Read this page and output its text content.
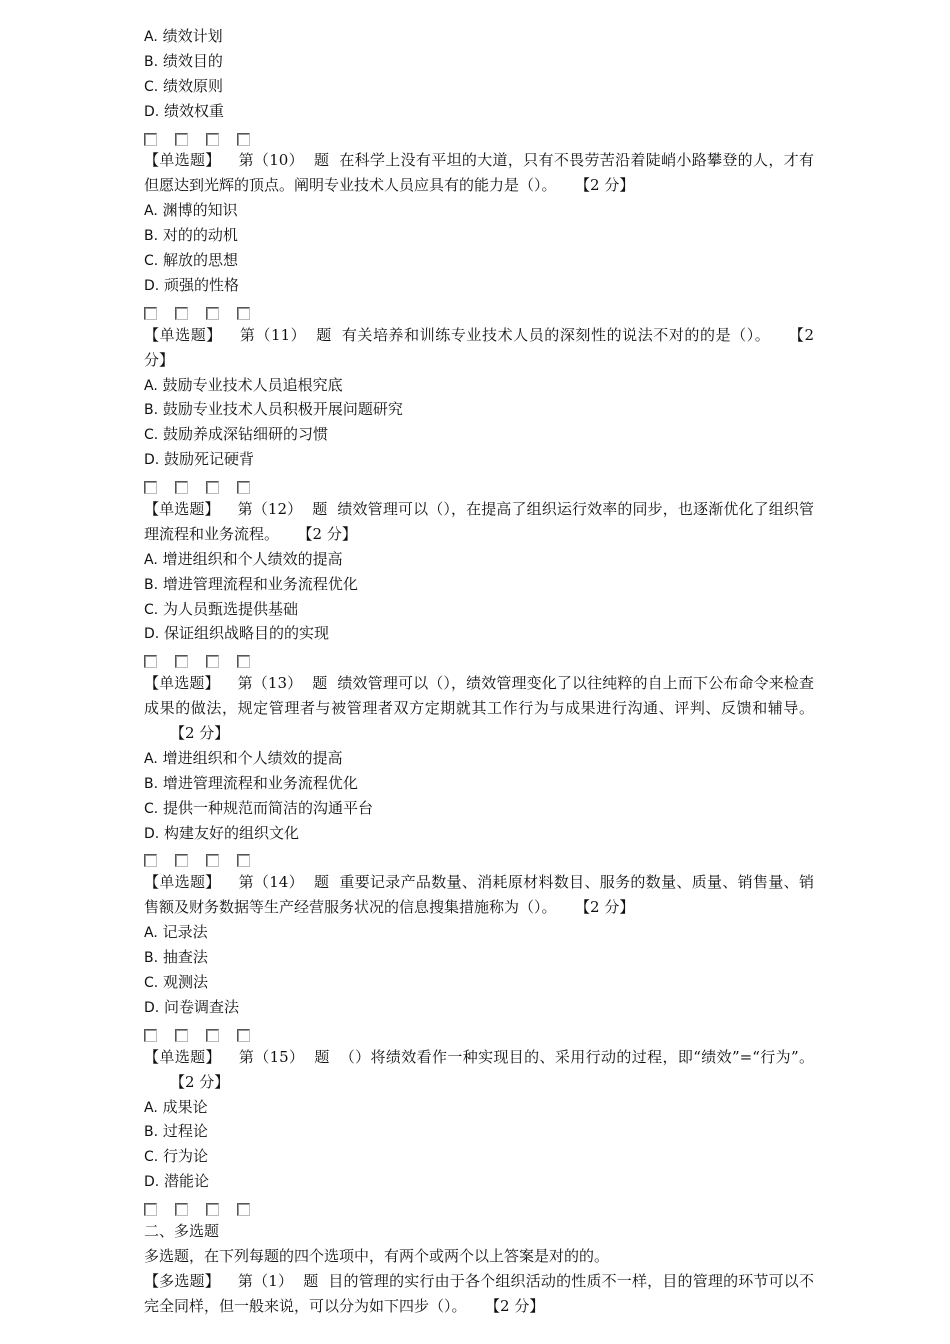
A. 绩效计划
B. 绩效目的
C. 绩效原则
D. 绩效权重
【单选题】 第（10） 题 在科学上没有平坦的大道，只有不畏劳苦沿着陡峭小路攀登的人，才有但愿达到光辉的顶点。阐明专业技术人员应具有的能力是（）。 【2 分】
A. 渊博的知识
B. 对的的动机
C. 解放的思想
D. 顽强的性格
【单选题】 第（11） 题 有关培养和训练专业技术人员的深刻性的说法不对的的是（）。 【2 分】
A. 鼓励专业技术人员追根究底
B. 鼓励专业技术人员积极开展问题研究
C. 鼓励养成深钻细研的习惯
D. 鼓励死记硬背
【单选题】 第（12） 题 绩效管理可以（），在提高了组织运行效率的同步，也逐渐优化了组织管理流程和业务流程。 【2 分】
A. 增进组织和个人绩效的提高
B. 增进管理流程和业务流程优化
C. 为人员甄选提供基础
D. 保证组织战略目的的实现
【单选题】 第（13） 题 绩效管理可以（），绩效管理变化了以往纯粹的自上而下公布命令来检查成果的做法，规定管理者与被管理者双方定期就其工作行为与成果进行沟通、评判、反馈和辅导。【2 分】
A. 增进组织和个人绩效的提高
B. 增进管理流程和业务流程优化
C. 提供一种规范而简洁的沟通平台
D. 构建友好的组织文化
【单选题】 第（14） 题 重要记录产品数量、消耗原材料数目、服务的数量、质量、销售量、销售额及财务数据等生产经营服务状况的信息搜集措施称为（）。 【2 分】
A. 记录法
B. 抽查法
C. 观测法
D. 问卷调查法
【单选题】 第（15） 题 （）将绩效看作一种实现目的、采用行动的过程，即“绩效”=“行为”。【2 分】
A. 成果论
B. 过程论
C. 行为论
D. 潜能论
二、多选题
多选题，在下列每题的四个选项中，有两个或两个以上答案是对的的。
【多选题】 第（1） 题 目的管理的实行由于各个组织活动的性质不一样，目的管理的环节可以不完全同样，但一般来说，可以分为如下四步（）。 【2 分】
